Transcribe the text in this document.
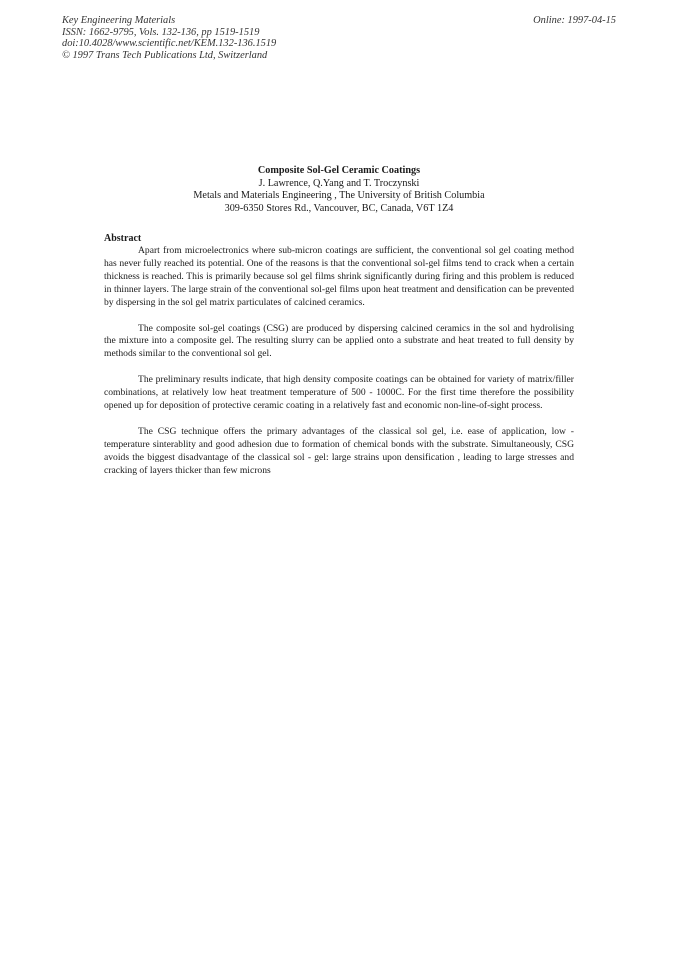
Key Engineering Materials
ISSN: 1662-9795, Vols. 132-136, pp 1519-1519
doi:10.4028/www.scientific.net/KEM.132-136.1519
© 1997 Trans Tech Publications Ltd, Switzerland
Online: 1997-04-15
Composite Sol-Gel Ceramic Coatings
J. Lawrence, Q.Yang and T. Troczynski
Metals and Materials Engineering , The University of British Columbia
309-6350 Stores Rd., Vancouver, BC, Canada, V6T 1Z4
Abstract

Apart from microelectronics where sub-micron coatings are sufficient, the conventional sol gel coating method has never fully reached its potential. One of the reasons is that the conventional sol-gel films tend to crack when a certain thickness is reached. This is primarily because sol gel films shrink significantly during firing and this problem is reduced in thinner layers. The large strain of the conventional sol-gel films upon heat treatment and densification can be prevented by dispersing in the sol gel matrix particulates of calcined ceramics.

The composite sol-gel coatings (CSG) are produced by dispersing calcined ceramics in the sol and hydrolising the mixture into a composite gel. The resulting slurry can be applied onto a substrate and heat treated to full density by methods similar to the conventional sol gel.

The preliminary results indicate, that high density composite coatings can be obtained for variety of matrix/filler combinations, at relatively low heat treatment temperature of 500 - 1000C. For the first time therefore the possibility opened up for deposition of protective ceramic coating in a relatively fast and economic non-line-of-sight process.

The CSG technique offers the primary advantages of the classical sol gel, i.e. ease of application, low - temperature sinterablity and good adhesion due to formation of chemical bonds with the substrate. Simultaneously, CSG avoids the biggest disadvantage of the classical sol - gel: large strains upon densification , leading to large stresses and cracking of layers thicker than few microns
